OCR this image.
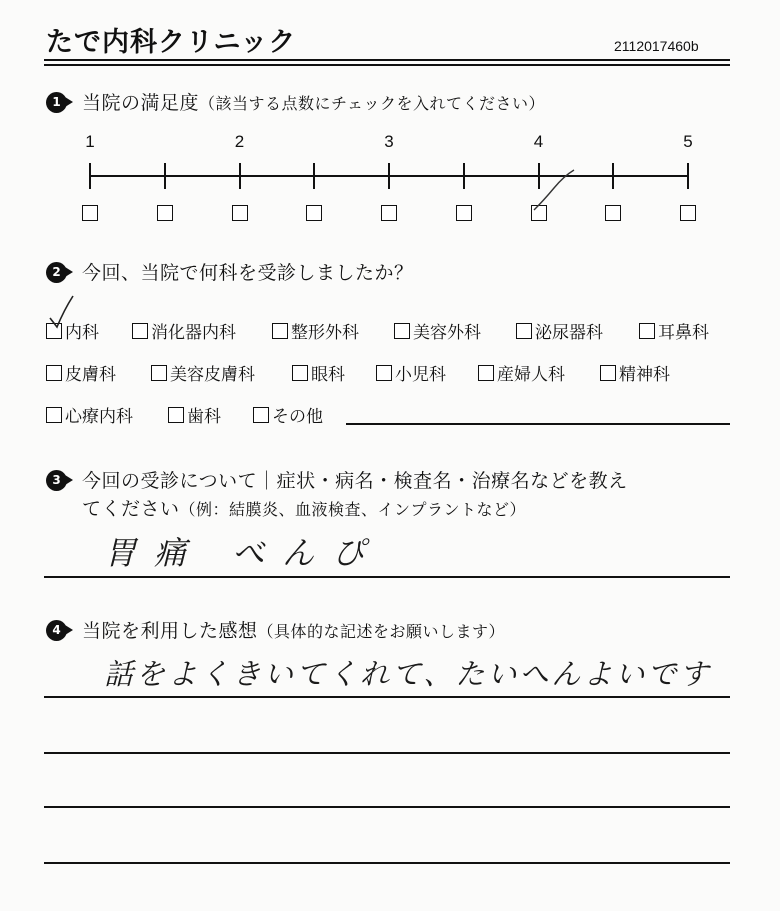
たで内科クリニック	2112017460b
1	当院の満足度（該当する点数にチェックを入れてください）
1	2	3	4	5
2	今回、当院で何科を受診しましたか？
内科	消化器内科	整形外科	美容外科	泌尿器科	耳鼻科
皮膚科	美容皮膚科	眼科	小児科	産婦人科	精神科
心療内科	歯科	その他
3	今回の受診について｜症状・病名・検査名・治療名などを教え
てください（例：結膜炎、血液検査、インプラントなど）
胃痛 べんぴ
4	当院を利用した感想（具体的な記述をお願いします）
話をよくきいてくれて、たいへんよいです
